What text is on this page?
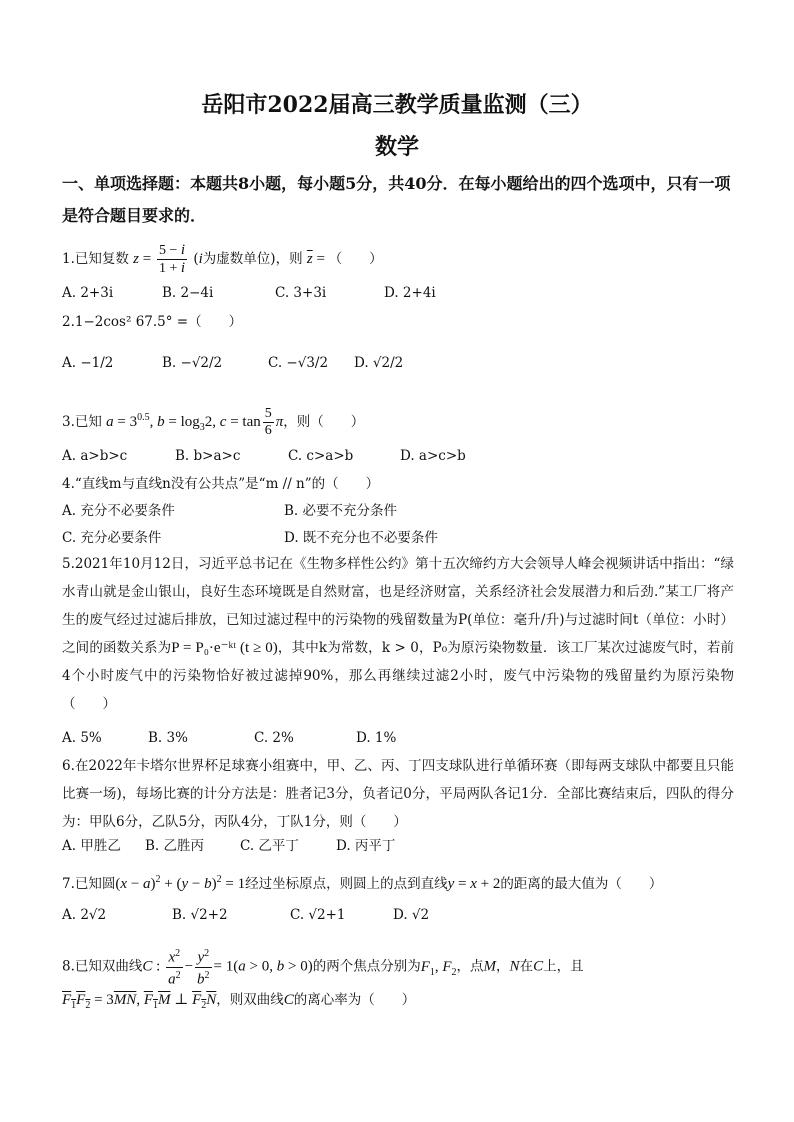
岳阳市2022届高三教学质量监测（三）
数学
一、单项选择题：本题共8小题，每小题5分，共40分．在每小题给出的四个选项中，只有一项是符合题目要求的．
1.已知复数 $z = \frac{5 - i}{1 + i} (i$为虚数单位)，则 $\overline{z}$ = （　　）
A. 2+3i	B. 2−4i	C. 3+3i	D. 2+4i
2.1−2cos² 67.5° =（　　）
A. −1/2	B. −√2/2	C. −√3/2 D. √2/2
3.已知 $a = 3^{0.5}$, $b = \log_32$, $c = \tan \frac{5}{6}$ π，则（　　）
A. a>b>c	B. b>a>c	C. c>a>b	D. a>c>b
4.“直线m与直线n没有公共点”是“m // n”的（　　）
A. 充分不必要条件	B. 必要不充分条件
C. 充分必要条件	D. 既不充分也不必要条件
5.2021年10月12日，习近平总书记在《生物多样性公约》第十五次缔约方大会领导人峰会视频讲话中指出：“绿水青山就是金山银山，良好生态环境既是自然财富，也是经济财富，关系经济社会发展潜力和后劲.”某工厂将产生的废气经过过滤后排放，已知过滤过程中的污染物的残留数量为P(单位：毫升/升)与过滤时间t（单位：小时）之间的函数关系为P = P₀·e⁻ᵏᵗ (t ≥ 0)，其中k为常数，k > 0，P₀为原污染物数量．该工厂某次过滤废气时，若前4个小时废气中的污染物恰好被过滤掉90%，那么再继续过滤2小时，废气中污染物的残留量约为原污染物（　　）
A. 5%	B. 3%	C. 2%	D. 1%
6.在2022年卡塔尔世界杯足球赛小组赛中，甲、乙、丙、丁四支球队进行单循环赛（即每两支球队中都要且只能比赛一场)，每场比赛的计分方法是：胜者记3分，负者记0分，平局两队各记1分．全部比赛结束后，四队的得分为：甲队6分，乙队5分，丙队4分，丁队1分，则（　　）
A. 甲胜乙 B. 乙胜丙	C. 乙平丁	D. 丙平丁
7.已知圆$(x - a)^2 + (y - b)^2 = 1$经过坐标原点，则圆上的点到直线y = x + 2的距离的最大值为（　　）
A. 2√2	B. √2+2	C. √2+1	D. √2
8.已知双曲线C : $\frac{x^2}{a^2} - \frac{y^2}{b^2} = 1(a > 0$, b > 0)的两个焦点分别为$F_1$, $F_2$，点M，N在C上，且
$F_1F_2 = 3\overline{MN}$, $F_1M$ ⊥ $F_2N$，则双曲线C的离心率为（　　）
